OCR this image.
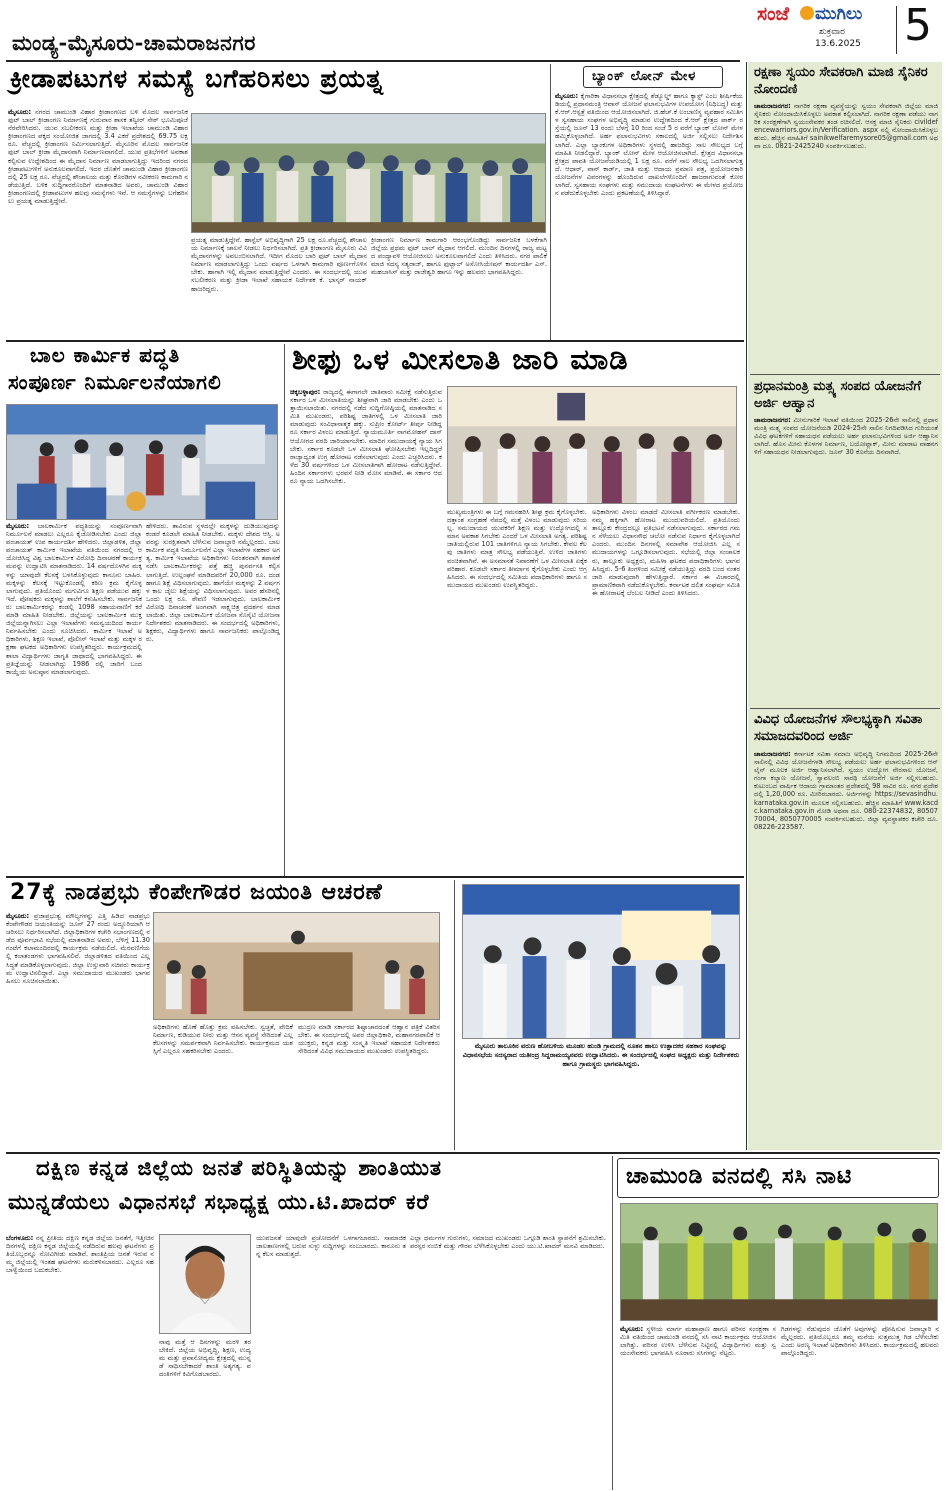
ಮಂಡ್ಯ-ಮೈಸೂರು-ಚಾಮರಾಜನಗರ
ಸಂಜೆ ಮುಗಿಲು
ಶುಕ್ರವಾರ
13.6.2025 5
ಕ್ರೀಡಾಪಟುಗಳ ಸಮಸ್ಯೆ ಬಗೆಹರಿಸಲು ಪ್ರಯತ್ನ
ಮೈಸೂರು: ನಗರದ ಚಾಮುಂಡಿ ವಿಹಾರ ಕ್ರೀಡಾಂಗಣದ ಬಳಿ ಮೊದಲ ಸಾರ್ವಜನಿಕ ಫುಟ್ ಬಾಲ್ ಕ್ರೀಡಾಂಗಣ ನಿರ್ಮಾಣಕ್ಕೆ ಗುರುವಾರ ಶಾಸಕ ತನ್ವೀರ್ ಸೇಠ್ ಭೂಮಿಪೂಜೆ ನೆರವೇರಿಸಿದರು. ಯುವ ಸಬಲೀಕರಣ ಮತ್ತು ಕ್ರೀಡಾ ಇಲಾಖೆಯ ಚಾಮುಂಡಿ ವಿಹಾರ ಕ್ರೀಡಾಂಗಣದ ಪಕ್ಕದ ಸಂಯೋಜಿತ ಜಾಗದಲ್ಲಿ 3.4 ಎಕರೆ ಪ್ರದೇಶದಲ್ಲಿ 69.75 ಲಕ್ಷ ರೂ. ವೆಚ್ಚದಲ್ಲಿ ಕ್ರೀಡಾಂಗಣ ನಿರ್ಮಿಸಲಾಗುತ್ತಿದೆ. ಮೈಸೂರಿನ ಮೊದಲ ಸಾರ್ವಜನಿಕ ಫುಟ್ ಬಾಲ್ ಕ್ರೀಡಾ ಮೈದಾನವಾಗಿ ನಿರ್ಮಾಣವಾಗಲಿದೆ. ಯುವ ಪ್ರತಿಭೆಗಳಿಗೆ ಅವಕಾಶ ಕಲ್ಪಿಸುವ ಉದ್ದೇಶದಿಂದ ಈ ಮೈದಾನ ನಿರ್ಮಾಣ ಮಾಡಲಾಗುತ್ತಿದ್ದು ಇದರಿಂದ ನಗರದ ಕ್ರೀಡಾಪಟುಗಳಿಗೆ ಅನುಕೂಲವಾಗಲಿದೆ. ಇದರ ಜೊತೆಗೆ ಚಾಮುಂಡಿ ವಿಹಾರ ಕ್ರೀಡಾಂಗಣದಲ್ಲಿ 25 ಲಕ್ಷ ರೂ. ವೆಚ್ಚದಲ್ಲಿ ಶೌಚಾಲಯ ಮತ್ತು ಕೊಠಡಿಗಳ ನವೀಕರಣ ಕಾಮಗಾರಿ ನಡೆಯುತ್ತಿದೆ. ಬಳಿಕ ಸುದ್ದಿಗಾರರೊಂದಿಗೆ ಮಾತನಾಡಿದ ಅವರು, ಚಾಮುಂಡಿ ವಿಹಾರ ಕ್ರೀಡಾಂಗಣದಲ್ಲಿ ಕ್ರೀಡಾಪಟುಗಳ ಹಲವು ಸಮಸ್ಯೆಗಳು ಇವೆ. ಆ ಸಮಸ್ಯೆಗಳನ್ನು ಬಗೆಹರಿಸಲು ಪ್ರಯತ್ನ ಮಾಡುತ್ತಿದ್ದೇವೆ.
ಪ್ರಯತ್ನ ಮಾಡುತ್ತಿದ್ದೇನೆ. ಹಾಸ್ಟೆಲ್ ಅಭಿವೃದ್ಧಿಗಾಗಿ 25 ಲಕ್ಷ ರೂ.ವೆಚ್ಚದಲ್ಲಿ ಶೌಚಾಲಯ ನಿರ್ಮಾಣಕ್ಕೆ ಚಾಲನೆ ನೀಡಲು ನಿರ್ಧರಿಸಲಾಗಿದೆ. ಪ್ರತಿ ಕ್ರೀಡಾಂಗಣ ಮೈಸೂರು ವಿವಿ ಮೈದಾನಗಳನ್ನು ಅವಲಂಬಿಸಲಾಗಿದೆ. ಇದೀಗ ಮೊದಲ ಬಾರಿ ಫುಟ್ ಬಾಲ್ ಮೈದಾನ ನಿರ್ಮಾಣ ಮಾಡಲಾಗುತ್ತಿದ್ದು ಒಂದು ವರ್ಷದ ಒಳಗಾಗಿ ಕಾಮಗಾರಿ ಪೂರ್ಣಗೊಳಿಸಬೇಕು. ಹಾಗಾಗಿ ಇಲ್ಲಿ ಮೈದಾನ ಮಾಡುತ್ತಿದ್ದೇವೆ ಎಂದರು. ಈ ಸಂದರ್ಭದಲ್ಲಿ ಯುವ ಸಬಲೀಕರಣ ಮತ್ತು ಕ್ರೀಡಾ ಇಲಾಖೆ ಸಹಾಯಕ ನಿರ್ದೇಶಕ ಕೆ. ಭಾಸ್ಕರ್ ನಾಯಕ್ ಹಾಜರಿದ್ದರು.
ಕ್ರೀಡಾಂಗಣ ನಿರ್ಮಾಣ ಕಾಮಗಾರಿ ಆರಂಭಗೊಂಡಿದ್ದು ಸಾರ್ವಜನಿಕ ಬಳಕೆಗಾಗಿ ಜಿಲ್ಲೆಯ ಪ್ರಥಮ ಫುಟ್ ಬಾಲ್ ಮೈದಾನ ಆಗಲಿದೆ. ಮುಂದಿನ ದಿನಗಳಲ್ಲಿ ರಾಜ್ಯ ಮಟ್ಟದ ಪಂದ್ಯಾವಳಿ ಆಯೋಜಿಸಲು ಅನುಕೂಲವಾಗಲಿದೆ ಎಂದು ತಿಳಿಸಿದರು. ನಗರ ಪಾಲಿಕೆ ಮಾಜಿ ಸದಸ್ಯ ಸತ್ಯರಾಜ್, ಹಾಗೂ ಫುಟ್ಬಾಲ್ ಅಸೋಸಿಯೇಷನ್ ಕಾರ್ಯದರ್ಶಿ ಎಸ್.ಮಹಬಾಸಿಸ್ ಮತ್ತು ರಾಜೇಶ್ವರಿ ಹಾಗೂ ಇನ್ನು ಹಲವರು ಭಾಗವಹಿಸಿದ್ದರು.
ಬ್ಯಾಂಕ್ ಲೋನ್ ಮೇಳ
ಮೈಸೂರು: ಕೈಗಾರಿಕಾ ವಿಧಾನಸಭಾ ಕ್ಷೇತ್ರದಲ್ಲಿ ಶೆಡ್ಯೂಲ್ಡ್ ಹಾಗೂ ಕ್ಯಾಸ್ಟ್ ಎಂಬ ಶೀರ್ಷಿಕೆಯಡಿಯಲ್ಲಿ ಪ್ರಧಾನಮಂತ್ರಿ ಆವಾಸ್ ಯೋಜನೆ ಫಲಾನುಭವಿಗಳ ಉಪಯೋಗ (ನಿಧಿಬದ್ಧ) ಮತ್ತು ಕೆ.ಆರ್.ಆಸ್ಪತ್ರೆ ವತಿಯಿಂದ ಆಯೋಜಿಸಲಾಗಿದೆ. ಜಿ.ಹೆಚ್.ಕೆ ಲಂಬಾಣಿಸ್ಥ ವ್ಯವಹಾರ ಸಮಿತಿಗಳ ಸ್ವಸಹಾಯ ಸಂಘಗಳ ಅಭಿವೃದ್ಧಿ ಮಾಡುವ ಉದ್ದೇಶದಿಂದ ಕೆ.ಆರ್ ಕ್ಷೇತ್ರದ ಪಾರ್ಕ್ ರಸ್ತೆಯಲ್ಲಿ ಜೂನ್ 13 ರಂದು ಬೆಳಗ್ಗೆ 10 ರಿಂದ ಸಂಜೆ 5 ರ ವರೆಗೆ ಬ್ಯಾಂಕ್ ಲೋನ್ ಮೇಳ ಹಮ್ಮಿಕೊಳ್ಳಲಾಗಿದೆ. ಅರ್ಹ ಫಲಾನುಭವಿಗಳು ಸಕಾಲದಲ್ಲಿ ಅರ್ಜಿ ಸಲ್ಲಿಸಲು ನಿರ್ದೇಶಿಸಲಾಗಿದೆ. ಎಲ್ಲಾ ಬ್ಯಾಂಕುಗಳ ಅಧಿಕಾರಿಗಳು ಸ್ಥಳದಲ್ಲಿ ಹಾಜರಿದ್ದು ಸಾಲ ಸೌಲಭ್ಯದ ಬಗ್ಗೆ ಮಾಹಿತಿ ನೀಡಲಿದ್ದಾರೆ. ಬ್ಯಾಂಕ್ ಲೋನ್ ಮೇಳ ಆಯೋಜಿಸಲಾಗಿದೆ. ಕ್ಷೇತ್ರದ ವಿಧಾನಸಭಾ ಕ್ಷೇತ್ರದ ಪಾವತಿ ಯೋಜನೆಯಡಿಯಲ್ಲಿ 1 ಲಕ್ಷ ರೂ. ವರೆಗೆ ಸಾಲ ಸೌಲಭ್ಯ ಒದಗಿಸಲಾಗುತ್ತದೆ. ಆಧಾರ್, ಪಾನ್ ಕಾರ್ಡ್, ಜಾತಿ ಮತ್ತು ಆದಾಯ ಪ್ರಮಾಣ ಪತ್ರ, ಪ್ರಯೋಜನಕಾರಿ ಯೋಜನೆಗಳ ವಿವರಗಳನ್ನು ಹೊಂದಿರುವ ದಾಖಲೆಗಳೊಂದಿಗೆ ಹಾಜರಾಗುವಂತೆ ಕೋರಲಾಗಿದೆ. ಸ್ವಸಹಾಯ ಸಂಘಗಳು ಮತ್ತು ಸಮುದಾಯ ಸಂಘಟನೆಗಳು ಈ ಮೇಳದ ಪ್ರಯೋಜನ ಪಡೆದುಕೊಳ್ಳಬೇಕು ಎಂದು ಪ್ರಕಟಣೆಯಲ್ಲಿ ತಿಳಿಸಿದ್ದಾರೆ.
ಬಾಲ ಕಾರ್ಮಿಕ ಪದ್ಧತಿ
ಸಂಪೂರ್ಣ ನಿರ್ಮೂಲನೆಯಾಗಲಿ
ಮೈಸೂರು: ಬಾಲಕಾರ್ಮಿಕ ಪದ್ಧತಿಯನ್ನು ಸಂಪೂರ್ಣವಾಗಿ ನಿರ್ಮೂಲನೆ ಮಾಡಲು ಎಲ್ಲರೂ ಕೈಜೋಡಿಸಬೇಕು ಎಂದು ಜಿಲ್ಲಾ ಪಂಚಾಯತ್ ಉಪ ಕಾರ್ಯದರ್ಶಿ ಹೇಳಿದರು. ಜಿಲ್ಲಾಡಳಿತ, ಜಿಲ್ಲಾ ಪಂಚಾಯತ್ ಕಾರ್ಮಿಕ ಇಲಾಖೆಯ ವತಿಯಿಂದ ನಗರದಲ್ಲಿ ಆಯೋಜಿಸಿದ್ದ ವಿಶ್ವ ಬಾಲಕಾರ್ಮಿಕ ವಿರೋಧಿ ದಿನಾಚರಣೆ ಕಾರ್ಯಕ್ರಮವನ್ನು ಉದ್ಘಾಟಿಸಿ ಮಾತನಾಡಿದರು. 14 ವರ್ಷದೊಳಗಿನ ಮಕ್ಕಳನ್ನು ಯಾವುದೇ ಕೆಲಸಕ್ಕೆ ಬಳಸಿಕೊಳ್ಳುವುದು ಕಾನೂನು ಬಾಹಿರ. ಮಕ್ಕಳನ್ನು ಕೆಲಸಕ್ಕೆ ಇಟ್ಟುಕೊಂಡಲ್ಲಿ ಕಠಿಣ ಕ್ರಮ ಕೈಗೊಳ್ಳಲಾಗುವುದು. ಪ್ರತಿಯೊಂದು ಮಗುವಿಗೂ ಶಿಕ್ಷಣ ಪಡೆಯುವ ಹಕ್ಕು ಇದೆ. ಪೋಷಕರು ಮಕ್ಕಳನ್ನು ಶಾಲೆಗೆ ಕಳುಹಿಸಬೇಕು. ಸಾರ್ವಜನಿಕರು ಬಾಲಕಾರ್ಮಿಕರನ್ನು ಕಂಡಲ್ಲಿ 1098 ಸಹಾಯವಾಣಿಗೆ ಕರೆ ಮಾಡಿ ಮಾಹಿತಿ ನೀಡಬೇಕು. ಜಿಲ್ಲೆಯನ್ನು ಬಾಲಕಾರ್ಮಿಕ ಮುಕ್ತ ಜಿಲ್ಲೆಯನ್ನಾಗಿಸಲು ಎಲ್ಲಾ ಇಲಾಖೆಗಳು ಸಮನ್ವಯದಿಂದ ಕಾರ್ಯನಿರ್ವಹಿಸಬೇಕು ಎಂದು ಸೂಚಿಸಿದರು. ಕಾರ್ಮಿಕ ಇಲಾಖೆ ಅಧಿಕಾರಿಗಳು, ಶಿಕ್ಷಣ ಇಲಾಖೆ, ಪೊಲೀಸ್ ಇಲಾಖೆ ಮತ್ತು ಮಕ್ಕಳ ರಕ್ಷಣಾ ಘಟಕದ ಅಧಿಕಾರಿಗಳು ಉಪಸ್ಥಿತರಿದ್ದರು. ಕಾರ್ಯಕ್ರಮದಲ್ಲಿ ಶಾಲಾ ವಿದ್ಯಾರ್ಥಿಗಳು ಜಾಗೃತಿ ಜಾಥಾದಲ್ಲಿ ಭಾಗವಹಿಸಿದ್ದರು. ಈ ಪ್ರತಿಜ್ಞೆಯನ್ನು ನೀಡಲಾಗಿದ್ದು 1986 ರಲ್ಲಿ ಜಾರಿಗೆ ಬಂದ ಕಾಯ್ದೆಯ ಅನುಷ್ಠಾನ ಮಾಡಲಾಗುವುದು.
ಹೇಳಿದರು. ತಾವಿರುವ ಸ್ಥಳದಲ್ಲೇ ಮಕ್ಕಳನ್ನು ದುಡಿಯುವುದನ್ನು ಕಂಡರೆ ಕೂಡಲೇ ಮಾಹಿತಿ ನೀಡಬೇಕು. ಮಕ್ಕಳು ದೇಶದ ಆಸ್ತಿ. ಅವರನ್ನು ಸುರಕ್ಷಿತವಾಗಿ ಬೆಳೆಸುವ ಜವಾಬ್ದಾರಿ ನಮ್ಮೆಲ್ಲರದು. ಬಾಲಕಾರ್ಮಿಕ ಪದ್ಧತಿ ನಿರ್ಮೂಲನೆಗೆ ಎಲ್ಲಾ ಇಲಾಖೆಗಳ ಸಹಕಾರ ಅಗತ್ಯ. ಕಾರ್ಮಿಕ ಇಲಾಖೆಯ ಅಧಿಕಾರಿಗಳು ನಿರಂತರವಾಗಿ ತಪಾಸಣೆ ನಡೆಸಿ ಬಾಲಕಾರ್ಮಿಕರನ್ನು ಪತ್ತೆ ಹಚ್ಚಿ ಪುನರ್ವಸತಿ ಕಲ್ಪಿಸಲಾಗುತ್ತಿದೆ. ಉಲ್ಲಂಘನೆ ಮಾಡಿದವರಿಗೆ 20,000 ರೂ. ದಂಡ ಹಾಗೂ ಶಿಕ್ಷೆ ವಿಧಿಸಲಾಗುವುದು. ಹಾಗೆಯೇ ಮಕ್ಕಳನ್ನು 2 ವರ್ಷಗಳ ಕಾಲ ಜೈಲು ಶಿಕ್ಷೆಯನ್ನು ವಿಧಿಸಲಾಗುವುದು. ಅವರ ಹೆಸರಿನಲ್ಲಿ ಒಂದು ಲಕ್ಷ ರೂ. ಠೇವಣಿ ಇಡಲಾಗುವುದು. ಬಾಲಕಾರ್ಮಿಕ ವಿರೋಧಿ ದಿನಾಚರಣೆ ಅಂಗವಾಗಿ ಸಾಕ್ಷ್ಯಚಿತ್ರ ಪ್ರದರ್ಶನ ಮಾಡಲಾಯಿತು. ಜಿಲ್ಲಾ ಬಾಲಕಾರ್ಮಿಕ ಯೋಜನಾ ಸೊಸೈಟಿ ಯೋಜನಾ ನಿರ್ದೇಶಕರು ಮಾತನಾಡಿದರು. ಈ ಸಂದರ್ಭದಲ್ಲಿ ಅಧಿಕಾರಿಗಳು, ಶಿಕ್ಷಕರು, ವಿದ್ಯಾರ್ಥಿಗಳು ಹಾಗೂ ಸಾರ್ವಜನಿಕರು ಪಾಲ್ಗೊಂಡಿದ್ದರು.
ಶೀಫು ಒಳ ಮೀಸಲಾತಿ ಜಾರಿ ಮಾಡಿ
ಚಿಕ್ಕಬಳ್ಳಾಪುರ: ರಾಜ್ಯದಲ್ಲಿ ಈಗಾಗಲೇ ಜಾತಿವಾರು ಸಮೀಕ್ಷೆ ನಡೆಸುತ್ತಿರುವ ಸರ್ಕಾರ ಒಳ ಮೀಸಲಾತಿಯನ್ನು ಶೀಘ್ರವಾಗಿ ಜಾರಿ ಮಾಡಬೇಕು ಎಂದು ಒತ್ತಾಯಿಸಲಾಯಿತು. ನಗರದಲ್ಲಿ ನಡೆದ ಸುದ್ದಿಗೋಷ್ಠಿಯಲ್ಲಿ ಮಾತನಾಡಿದ ಸಮಿತಿ ಮುಖಂಡರು, ಪರಿಶಿಷ್ಟ ಜಾತಿಗಳಲ್ಲಿ ಒಳ ಮೀಸಲಾತಿ ಜಾರಿ ಮಾಡುವುದು ಸಂವಿಧಾನಾತ್ಮಕ ಹಕ್ಕು. ಸುಪ್ರೀಂ ಕೋರ್ಟ್ ತೀರ್ಪು ನೀಡಿದ್ದರೂ ಸರ್ಕಾರ ವಿಳಂಬ ಮಾಡುತ್ತಿದೆ. ನ್ಯಾಯಮೂರ್ತಿ ನಾಗಮೋಹನ್ ದಾಸ್ ಆಯೋಗದ ವರದಿ ಜಾರಿಯಾಗಬೇಕು. ಮಾದಿಗ ಸಮುದಾಯಕ್ಕೆ ನ್ಯಾಯ ಸಿಗಬೇಕು. ಸರ್ಕಾರ ಕೂಡಲೇ ಒಳ ಮೀಸಲಾತಿ ಘೋಷಿಸಬೇಕು ಇಲ್ಲದಿದ್ದರೆ ರಾಜ್ಯಾದ್ಯಂತ ಉಗ್ರ ಹೋರಾಟ ನಡೆಸಲಾಗುವುದು ಎಂದು ಎಚ್ಚರಿಸಿದರು. ಕಳೆದ 30 ವರ್ಷಗಳಿಂದ ಒಳ ಮೀಸಲಾತಿಗಾಗಿ ಹೋರಾಟ ನಡೆಸುತ್ತಿದ್ದೇವೆ. ಹಿಂದಿನ ಸರ್ಕಾರಗಳು ಭರವಸೆ ನೀಡಿ ಮೋಸ ಮಾಡಿವೆ. ಈ ಸರ್ಕಾರ ಆದರೂ ನ್ಯಾಯ ಒದಗಿಸಬೇಕು.
ಮುಖ್ಯಮಂತ್ರಿಗಳು ಈ ಬಗ್ಗೆ ಗಮನಹರಿಸಿ ಶೀಘ್ರ ಕ್ರಮ ಕೈಗೊಳ್ಳಬೇಕು. ದತ್ತಾಂಶ ಸಂಗ್ರಹಣೆ ನೆಪದಲ್ಲಿ ಮತ್ತೆ ವಿಳಂಬ ಮಾಡುವುದು ಸರಿಯಲ್ಲ. ಸಮುದಾಯದ ಯುವಕರಿಗೆ ಶಿಕ್ಷಣ ಮತ್ತು ಉದ್ಯೋಗದಲ್ಲಿ ಸಮಾನ ಅವಕಾಶ ಸಿಗಬೇಕು ಎಂದರೆ ಒಳ ಮೀಸಲಾತಿ ಅಗತ್ಯ. ಪರಿಶಿಷ್ಟ ಜಾತಿಯಲ್ಲಿರುವ 101 ಜಾತಿಗಳಿಗೂ ನ್ಯಾಯ ಸಿಗಬೇಕು. ಕೇವಲ ಕೆಲವು ಜಾತಿಗಳು ಮಾತ್ರ ಸೌಲಭ್ಯ ಪಡೆಯುತ್ತಿವೆ. ಉಳಿದ ಜಾತಿಗಳು ವಂಚಿತವಾಗಿವೆ. ಈ ಅಸಮಾನತೆ ನಿವಾರಣೆಗೆ ಒಳ ಮೀಸಲಾತಿ ಏಕೈಕ ಪರಿಹಾರ. ಕೂಡಲೇ ಸರ್ಕಾರ ತೀರ್ಮಾನ ಕೈಗೊಳ್ಳಬೇಕು ಎಂದು ಆಗ್ರಹಿಸಿದರು. ಈ ಸಂದರ್ಭದಲ್ಲಿ ಸಮಿತಿಯ ಪದಾಧಿಕಾರಿಗಳು ಹಾಗೂ ಸಮುದಾಯದ ಮುಖಂಡರು ಉಪಸ್ಥಿತರಿದ್ದರು.
ಅಧಿಕಾರಿಗಳು ವಿಳಂಬ ಮಾಡದೆ ಮೀಸಲಾತಿ ವರ್ಗೀಕರಣ ಮಾಡಬೇಕು. ನಮ್ಮ ಹಕ್ಕಿಗಾಗಿ ಹೋರಾಟ ಮುಂದುವರಿಯಲಿದೆ. ಪ್ರತಿಯೊಂದು ತಾಲ್ಲೂಕು ಕೇಂದ್ರದಲ್ಲೂ ಪ್ರತಿಭಟನೆ ನಡೆಸಲಾಗುವುದು. ಸರ್ಕಾರದ ಗಮನ ಸೆಳೆಯಲು ವಿಧಾನಸೌಧ ಚಲೋ ನಡೆಸುವ ನಿರ್ಧಾರ ಕೈಗೊಳ್ಳಲಾಗಿದೆ ಎಂದರು. ಮುಂದಿನ ದಿನಗಳಲ್ಲಿ ಸಮಾವೇಶ ಆಯೋಜಿಸಿ ಎಲ್ಲ ಸಮುದಾಯಗಳನ್ನು ಒಗ್ಗೂಡಿಸಲಾಗುವುದು. ಸಭೆಯಲ್ಲಿ ಜಿಲ್ಲಾ ಸಂಚಾಲಕರು, ತಾಲ್ಲೂಕು ಅಧ್ಯಕ್ಷರು, ಮಹಿಳಾ ಘಟಕದ ಪದಾಧಿಕಾರಿಗಳು ಭಾಗವಹಿಸಿದ್ದರು. 5-6 ತಿಂಗಳಿಂದ ಸಮೀಕ್ಷೆ ನಡೆಯುತ್ತಿದ್ದು ವರದಿ ಬಂದ ನಂತರ ಜಾರಿ ಮಾಡುವುದಾಗಿ ಹೇಳುತ್ತಿದ್ದಾರೆ. ಸರ್ಕಾರ ಈ ವಿಚಾರದಲ್ಲಿ ಪ್ರಾಮಾಣಿಕವಾಗಿ ನಡೆದುಕೊಳ್ಳಬೇಕು. ಕರ್ನಾಟಕ ದಲಿತ ಸಂಘರ್ಷ ಸಮಿತಿ ಈ ಹೋರಾಟಕ್ಕೆ ಬೆಂಬಲ ನೀಡಿದೆ ಎಂದು ತಿಳಿಸಿದರು.
27ಕ್ಕೆ ನಾಡಪ್ರಭು ಕೆಂಪೇಗೌಡರ ಜಯಂತಿ ಆಚರಣೆ
ಮೈಸೂರು: ಪ್ರಜಾಪ್ರಭುತ್ವ ಮೌಲ್ಯಗಳನ್ನು ಎತ್ತಿ ಹಿಡಿದ ನಾಡಪ್ರಭು ಕೆಂಪೇಗೌಡರ ಜಯಂತಿಯನ್ನು ಜೂನ್ 27 ರಂದು ಅದ್ದೂರಿಯಾಗಿ ಆಚರಿಸಲು ನಿರ್ಧರಿಸಲಾಗಿದೆ. ಜಿಲ್ಲಾಧಿಕಾರಿಗಳ ಕಚೇರಿ ಸಭಾಂಗಣದಲ್ಲಿ ನಡೆದ ಪೂರ್ವಭಾವಿ ಸಭೆಯಲ್ಲಿ ಮಾತನಾಡಿದ ಅವರು, ಬೆಳಿಗ್ಗೆ 11.30 ಗಂಟೆಗೆ ಕಲಾಮಂದಿರದಲ್ಲಿ ಕಾರ್ಯಕ್ರಮ ನಡೆಯಲಿದೆ. ಮೆರವಣಿಗೆಯಲ್ಲಿ ಕಲಾತಂಡಗಳು ಭಾಗವಹಿಸಲಿವೆ. ಜಿಲ್ಲಾಡಳಿತದ ವತಿಯಿಂದ ಎಲ್ಲ ಸಿದ್ಧತೆ ಮಾಡಿಕೊಳ್ಳಲಾಗುವುದು. ಜಿಲ್ಲಾ ಉಸ್ತುವಾರಿ ಸಚಿವರು ಕಾರ್ಯಕ್ರಮ ಉದ್ಘಾಟಿಸಲಿದ್ದಾರೆ. ಎಲ್ಲಾ ಸಮುದಾಯದ ಮುಖಂಡರು ಭಾಗವಹಿಸಲು ಸೂಚಿಸಲಾಯಿತು.
ಅಧಿಕಾರಿಗಳು ಹೊಣೆ ಹೊತ್ತು ಕ್ರಮ ವಹಿಸಬೇಕು. ಸ್ವಚ್ಛತೆ, ವೇದಿಕೆ ನಿರ್ಮಾಣ, ಕುಡಿಯುವ ನೀರು ಮತ್ತು ಆಸನ ವ್ಯವಸ್ಥೆ ಸೇರಿದಂತೆ ಎಲ್ಲ ಕೆಲಸಗಳನ್ನು ಸಮರ್ಪಕವಾಗಿ ನಿರ್ವಹಿಸಬೇಕು. ಕಾರ್ಯಕ್ರಮದ ಯಶಸ್ಸಿಗೆ ಎಲ್ಲರೂ ಸಹಕರಿಸಬೇಕು ಎಂದರು.
ಮುದ್ರಣ ಮಾಡಿ ಸರ್ಕಾರದ ಶಿಷ್ಟಾಚಾರದಂತೆ ಆಹ್ವಾನ ಪತ್ರಿಕೆ ವಿತರಿಸಬೇಕು. ಈ ಸಂದರ್ಭದಲ್ಲಿ ಅಪರ ಜಿಲ್ಲಾಧಿಕಾರಿ, ಮಹಾನಗರಪಾಲಿಕೆ ಆಯುಕ್ತರು, ಕನ್ನಡ ಮತ್ತು ಸಂಸ್ಕೃತಿ ಇಲಾಖೆ ಸಹಾಯಕ ನಿರ್ದೇಶಕರು ಸೇರಿದಂತೆ ವಿವಿಧ ಸಮುದಾಯದ ಮುಖಂಡರು ಉಪಸ್ಥಿತರಿದ್ದರು.
ಮೈಸೂರು ತಾಲೂಕಿನ ವರುಣ ಹೋಬಳಿಯ ಮೂಡಲ ಹುಂಡಿ ಗ್ರಾಮದಲ್ಲಿ ನೂತನ ಹಾಲು ಉತ್ಪಾದಕರ ಸಹಕಾರ ಸಂಘವನ್ನು ವಿಧಾನಸಭೆಯ ಸದಸ್ಯರಾದ ಯತೀಂದ್ರ ಸಿದ್ದರಾಮಯ್ಯನವರು ಉದ್ಘಾಟಿಸಿದರು. ಈ ಸಂದರ್ಭದಲ್ಲಿ ಸಂಘದ ಅಧ್ಯಕ್ಷರು ಮತ್ತು ನಿರ್ದೇಶಕರು ಹಾಗೂ ಗ್ರಾಮಸ್ಥರು ಭಾಗವಹಿಸಿದ್ದರು.
ದಕ್ಷಿಣ ಕನ್ನಡ ಜಿಲ್ಲೆಯ ಜನತೆ ಪರಿಸ್ಥಿತಿಯನ್ನು ಶಾಂತಿಯುತ
ಮುನ್ನಡೆಯಲು ವಿಧಾನಸಭೆ ಸಭಾಧ್ಯಕ್ಷ ಯು.ಟಿ.ಖಾದರ್ ಕರೆ
ಬೆಂಗಳೂರು: ನನ್ನ ಪ್ರೀತಿಯ ದಕ್ಷಿಣ ಕನ್ನಡ ಜಿಲ್ಲೆಯ ಜನತೆಗೆ, ಇತ್ತೀಚಿನ ದಿನಗಳಲ್ಲಿ ದಕ್ಷಿಣ ಕನ್ನಡ ಜಿಲ್ಲೆಯಲ್ಲಿ ನಡೆದಿರುವ ಹಲವು ಘಟನೆಗಳು ಪ್ರತಿಯೊಬ್ಬರನ್ನೂ ನೋವಿಗೀಡು ಮಾಡಿವೆ. ಶಾಂತಿಪ್ರಿಯ ಜನತೆ ಇರುವ ನಮ್ಮ ಜಿಲ್ಲೆಯಲ್ಲಿ ಇಂತಹ ಘಟನೆಗಳು ಮರುಕಳಿಸಬಾರದು. ಎಲ್ಲರೂ ಸಹಬಾಳ್ವೆಯಿಂದ ಬದುಕಬೇಕು.
ನಾವು ಮತ್ತೆ ಆ ದಿನಗಳನ್ನು ಮರಳಿ ತರಬೇಕಿದೆ. ಜಿಲ್ಲೆಯ ಅಭಿವೃದ್ಧಿ, ಶಿಕ್ಷಣ, ಉದ್ಯಮ ಮತ್ತು ಪ್ರವಾಸೋದ್ಯಮ ಕ್ಷೇತ್ರದಲ್ಲಿ ಮುನ್ನಡೆ ಸಾಧಿಸಬೇಕಾದರೆ ಶಾಂತಿ ಅತ್ಯಗತ್ಯ. ವದಂತಿಗಳಿಗೆ ಕಿವಿಗೊಡಬಾರದು.
ಯುವಜನತೆ ಯಾವುದೇ ಪ್ರಚೋದನೆಗೆ ಒಳಗಾಗಬಾರದು. ಸಾಮಾಜಿಕ ಜಾಲತಾಣಗಳಲ್ಲಿ ಬರುವ ಸುಳ್ಳು ಸುದ್ದಿಗಳನ್ನು ನಂಬಬಾರದು. ಕಾನೂನು ತನ್ನ ಕೆಲಸ ಮಾಡುತ್ತದೆ.
ಎಲ್ಲಾ ಧರ್ಮಗಳ ಗುರುಗಳು, ಸಮಾಜದ ಮುಖಂಡರು ಒಗ್ಗೂಡಿ ಶಾಂತಿ ಸ್ಥಾಪನೆಗೆ ಶ್ರಮಿಸಬೇಕು. ಪರಸ್ಪರ ನಂಬಿಕೆ ಮತ್ತು ಗೌರವ ಬೆಳೆಸಿಕೊಳ್ಳಬೇಕು ಎಂದು ಯು.ಟಿ.ಖಾದರ್ ಮನವಿ ಮಾಡಿದರು.
ಚಾಮುಂಡಿ ವನದಲ್ಲಿ ಸಸಿ ನಾಟಿ
ಮೈಸೂರು: ಸ್ಥಳೀಯ ಮಾರ್ಗ ಮಹಾಪ್ರಾಣ ಹಾಗೂ ಪರಿಸರ ಸಂರಕ್ಷಣಾ ಸಮಿತಿ ವತಿಯಿಂದ ಚಾಮುಂಡಿ ವನದಲ್ಲಿ ಸಸಿ ನಾಟಿ ಕಾರ್ಯಕ್ರಮ ಆಯೋಜಿಸಲಾಗಿತ್ತು. ಪರಿಸರ ಉಳಿಸಿ ಬೆಳೆಸುವ ನಿಟ್ಟಿನಲ್ಲಿ ವಿದ್ಯಾರ್ಥಿಗಳು ಮತ್ತು ಸ್ವಯಂಸೇವಕರು ಭಾಗವಹಿಸಿ ನೂರಾರು ಸಸಿಗಳನ್ನು ನೆಟ್ಟರು.
ಗಿಡಗಳನ್ನು ನೆಡುವುದರ ಜೊತೆಗೆ ಅವುಗಳನ್ನು ಪೋಷಿಸುವ ಜವಾಬ್ದಾರಿ ನಮ್ಮೆಲ್ಲರದು. ಪ್ರತಿಯೊಬ್ಬರೂ ತಮ್ಮ ಮನೆಯ ಸುತ್ತಮುತ್ತ ಗಿಡ ಬೆಳೆಸಬೇಕು ಎಂದು ಅರಣ್ಯ ಇಲಾಖೆ ಅಧಿಕಾರಿಗಳು ತಿಳಿಸಿದರು. ಕಾರ್ಯಕ್ರಮದಲ್ಲಿ ಹಲವರು ಪಾಲ್ಗೊಂಡಿದ್ದರು.
ರಕ್ಷಣಾ ಸ್ವಯಂ ಸೇವಕರಾಗಿ ಮಾಜಿ ಸೈನಿಕರ ನೋಂದಣಿ
ಚಾಮರಾಜನಗರ: ನಾಗರಿಕ ರಕ್ಷಣಾ ವ್ಯವಸ್ಥೆಯನ್ನು ಸ್ವಯಂ ಸೇವಕರಾಗಿ ಜಿಲ್ಲೆಯ ಮಾಜಿ ಸೈನಿಕರು ನೋಂದಾಯಿಸಿಕೊಳ್ಳಲು ಅವಕಾಶ ಕಲ್ಪಿಸಲಾಗಿದೆ. ನಾಗರಿಕ ರಕ್ಷಣಾ ಪಡೆಯು ನಾಗರಿಕ ಸಂರಕ್ಷಣೆಗಾಗಿ ಸ್ವಯಂಸೇವಕರ ತಂಡ ರಚಿಸಲಿದೆ. ಆಸಕ್ತ ಮಾಜಿ ಸೈನಿಕರು civildefencewarriors.gov.in/Verification. aspx ನಲ್ಲಿ ನೋಂದಾಯಿಸಿಕೊಳ್ಳಬಹುದು. ಹೆಚ್ಚಿನ ಮಾಹಿತಿಗೆ sainikwelfaremysore05@gmail.com ಅಥವಾ ದೂ. 0821-2425240 ಸಂಪರ್ಕಿಸಬಹುದು.
ಪ್ರಧಾನಮಂತ್ರಿ ಮತ್ಸ್ಯ ಸಂಪದ ಯೋಜನೆಗೆ ಅರ್ಜಿ ಆಹ್ವಾನ
ಚಾಮರಾಜನಗರ: ಮೀನುಗಾರಿಕೆ ಇಲಾಖೆ ವತಿಯಿಂದ 2025-26ನೇ ಸಾಲಿನಲ್ಲಿ ಪ್ರಧಾನಮಂತ್ರಿ ಮತ್ಸ್ಯ ಸಂಪದ ಯೋಜನೆಯಡಿ 2024-25ನೇ ಸಾಲಿನ ನಿಗದಿಪಡಿಸಿದ ಗುರಿಯಂತೆ ವಿವಿಧ ಘಟಕಗಳಿಗೆ ಸಹಾಯಧನ ಪಡೆಯಲು ಅರ್ಹ ಫಲಾನುಭವಿಗಳಿಂದ ಅರ್ಜಿ ಆಹ್ವಾನಿಸಲಾಗಿದೆ. ಹೊಸ ಮೀನು ಕೊಳಗಳ ನಿರ್ಮಾಣ, ಬಯೋಫ್ಲಾಕ್, ಮೀನು ಮಾರಾಟ ವಾಹನಗಳಿಗೆ ಸಹಾಯಧನ ನೀಡಲಾಗುವುದು. ಜೂನ್ 30 ಕೊನೆಯ ದಿನವಾಗಿದೆ.
ವಿವಿಧ ಯೋಜನೆಗಳ ಸೌಲಭ್ಯಕ್ಕಾಗಿ ಸವಿತಾ ಸಮಾಜದವರಿಂದ ಅರ್ಜಿ
ಚಾಮರಾಜನಗರ: ಕರ್ನಾಟಕ ಸವಿತಾ ಸಮಾಜ ಅಭಿವೃದ್ಧಿ ನಿಗಮದಿಂದ 2025-26ನೇ ಸಾಲಿನಲ್ಲಿ ವಿವಿಧ ಯೋಜನೆಗಳಡಿ ಸೌಲಭ್ಯ ಪಡೆಯಲು ಅರ್ಹ ಫಲಾನುಭವಿಗಳಿಂದ ಆನ್ ಲೈನ್ ಮೂಲಕ ಅರ್ಜಿ ಆಹ್ವಾನಿಸಲಾಗಿದೆ. ಸ್ವಯಂ ಉದ್ಯೋಗ ನೇರಸಾಲ ಯೋಜನೆ, ಗಂಗಾ ಕಲ್ಯಾಣ ಯೋಜನೆ, ಸ್ವಾವಲಂಬಿ ಸಾರಥಿ ಯೋಜನೆಗೆ ಅರ್ಜಿ ಸಲ್ಲಿಸಬಹುದು. ಕುಟುಂಬದ ವಾರ್ಷಿಕ ಆದಾಯ ಗ್ರಾಮಾಂತರ ಪ್ರದೇಶದಲ್ಲಿ 98 ಸಾವಿರ ರೂ. ನಗರ ಪ್ರದೇಶದಲ್ಲಿ 1,20,000 ರೂ. ಮೀರಿರಬಾರದು. ಅರ್ಜಿಗಳನ್ನು https://sevasindhu.karnataka.gov.in ಮೂಲಕ ಸಲ್ಲಿಸಬಹುದು. ಹೆಚ್ಚಿನ ಮಾಹಿತಿಗೆ www.kacdc.karnataka.gov.in ನೋಡಿ ಅಥವಾ ದೂ. 080-22374832, 8050770004, 8050770005 ಸಂಪರ್ಕಿಸಬಹುದು. ಜಿಲ್ಲಾ ವ್ಯವಸ್ಥಾಪಕರ ಕಚೇರಿ ದೂ. 08226-223587.
